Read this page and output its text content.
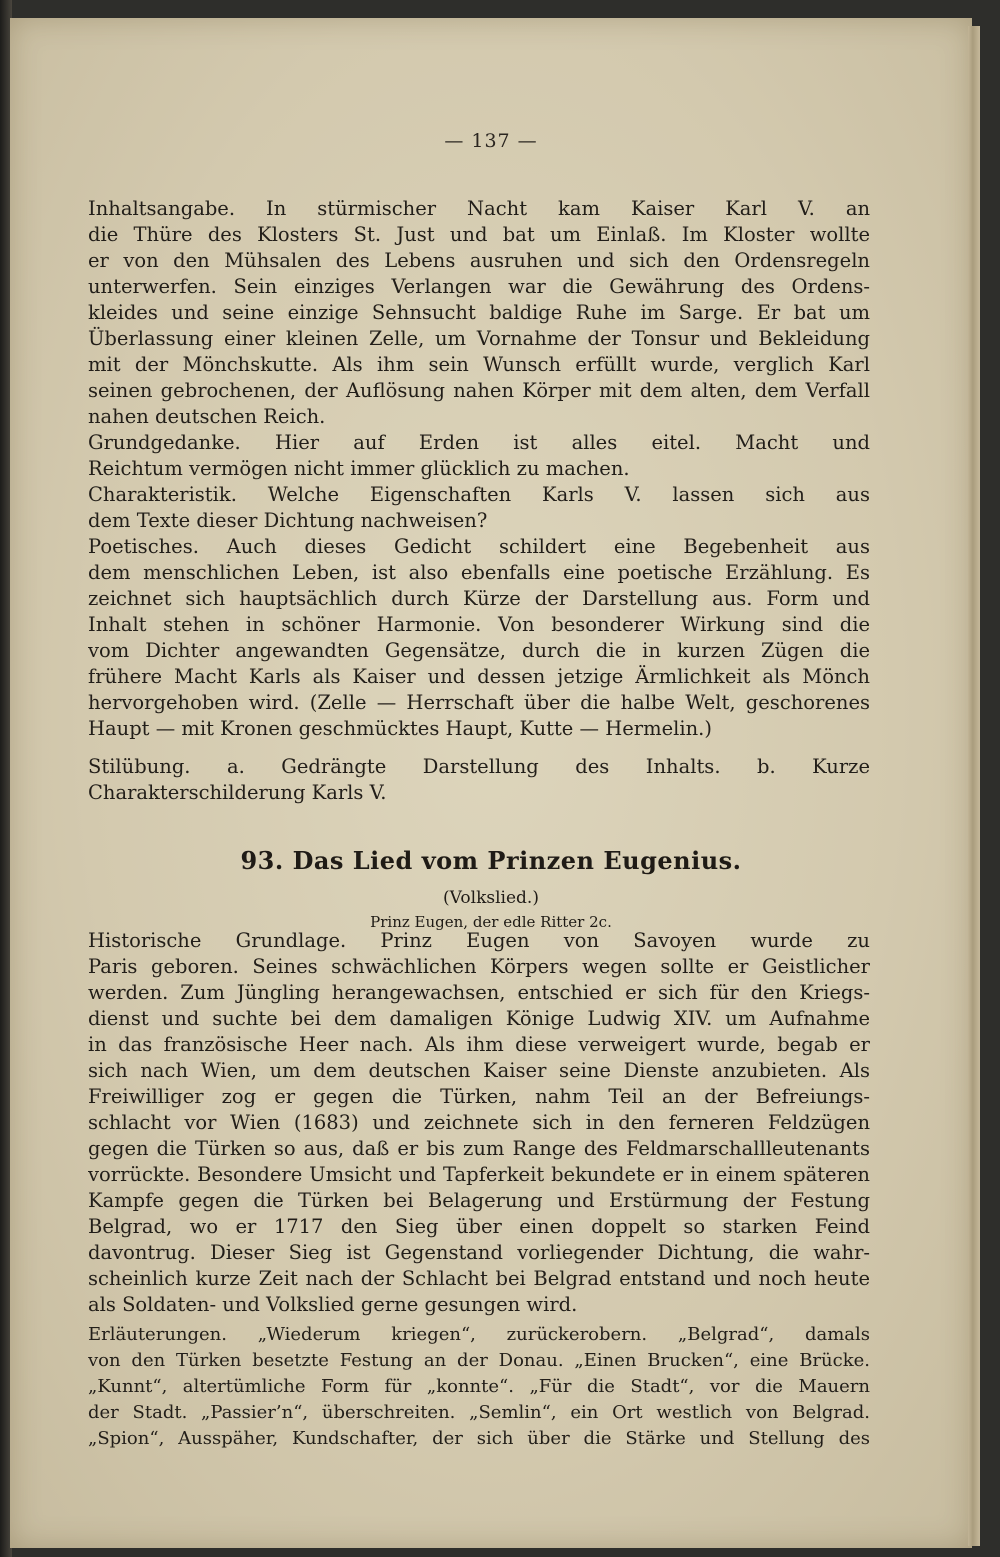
— 137 —
Inhaltsangabe. In stürmischer Nacht kam Kaiser Karl V. an
die Thüre des Klosters St. Just und bat um Einlaß. Im Kloster wollte
er von den Mühsalen des Lebens ausruhen und sich den Ordensregeln
unterwerfen. Sein einziges Verlangen war die Gewährung des Ordens-
kleides und seine einzige Sehnsucht baldige Ruhe im Sarge. Er bat um
Überlassung einer kleinen Zelle, um Vornahme der Tonsur und Bekleidung
mit der Mönchskutte. Als ihm sein Wunsch erfüllt wurde, verglich Karl
seinen gebrochenen, der Auflösung nahen Körper mit dem alten, dem Verfall
nahen deutschen Reich.
Grundgedanke. Hier auf Erden ist alles eitel. Macht und
Reichtum vermögen nicht immer glücklich zu machen.
Charakteristik. Welche Eigenschaften Karls V. lassen sich aus
dem Texte dieser Dichtung nachweisen?
Poetisches. Auch dieses Gedicht schildert eine Begebenheit aus
dem menschlichen Leben, ist also ebenfalls eine poetische Erzählung. Es
zeichnet sich hauptsächlich durch Kürze der Darstellung aus. Form und
Inhalt stehen in schöner Harmonie. Von besonderer Wirkung sind die
vom Dichter angewandten Gegensätze, durch die in kurzen Zügen die
frühere Macht Karls als Kaiser und dessen jetzige Ärmlichkeit als Mönch
hervorgehoben wird. (Zelle — Herrschaft über die halbe Welt, geschorenes
Haupt — mit Kronen geschmücktes Haupt, Kutte — Hermelin.)
Stilübung. a. Gedrängte Darstellung des Inhalts. b. Kurze
Charakterschilderung Karls V.
93. Das Lied vom Prinzen Eugenius.
(Volkslied.)
Prinz Eugen, der edle Ritter 2c.
Historische Grundlage. Prinz Eugen von Savoyen wurde zu
Paris geboren. Seines schwächlichen Körpers wegen sollte er Geistlicher
werden. Zum Jüngling herangewachsen, entschied er sich für den Kriegs-
dienst und suchte bei dem damaligen Könige Ludwig XIV. um Aufnahme
in das französische Heer nach. Als ihm diese verweigert wurde, begab er
sich nach Wien, um dem deutschen Kaiser seine Dienste anzubieten. Als
Freiwilliger zog er gegen die Türken, nahm Teil an der Befreiungs-
schlacht vor Wien (1683) und zeichnete sich in den ferneren Feldzügen
gegen die Türken so aus, daß er bis zum Range des Feldmarschallleutenants
vorrückte. Besondere Umsicht und Tapferkeit bekundete er in einem späteren
Kampfe gegen die Türken bei Belagerung und Erstürmung der Festung
Belgrad, wo er 1717 den Sieg über einen doppelt so starken Feind
davontrug. Dieser Sieg ist Gegenstand vorliegender Dichtung, die wahr-
scheinlich kurze Zeit nach der Schlacht bei Belgrad entstand und noch heute
als Soldaten- und Volkslied gerne gesungen wird.
Erläuterungen. „Wiederum kriegen“, zurückerobern. „Belgrad“, damals
von den Türken besetzte Festung an der Donau. „Einen Brucken“, eine Brücke.
„Kunnt“, altertümliche Form für „konnte“. „Für die Stadt“, vor die Mauern
der Stadt. „Passier’n“, überschreiten. „Semlin“, ein Ort westlich von Belgrad.
„Spion“, Ausspäher, Kundschafter, der sich über die Stärke und Stellung des
